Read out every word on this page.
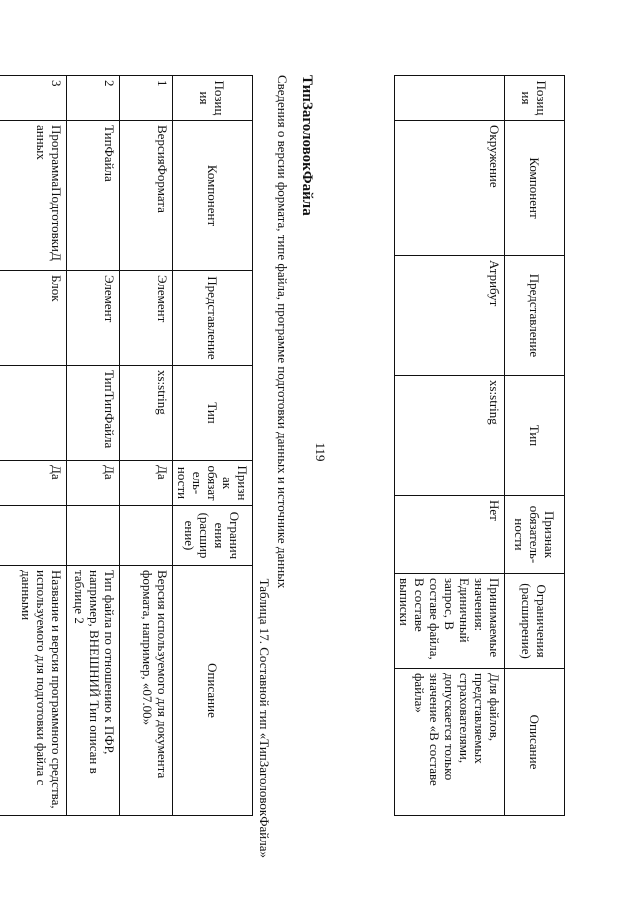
119
Позиция	Компонент	Представление	Тип	Признак обязатель-ности	Ограничения (расширение)	Описание
	Окружение	Атрибут	xs:string	Нет	Принимаемые значения: Единичный запрос, В составе файла, В составе выписки	Для файлов, представляемых страхователями, допускается только значение «В составе файла»
ТипЗаголовокФайла
Сведения о версии формата, типе файла, программе подготовки данных и источнике данных
Таблица 17. Составной тип «ТипЗаголовокФайла»
Позиция	Компонент	Представление	Тип	Признак обязатель-ности	Ограничения (расширение)	Описание
1	ВерсияФормата	Элемент	xs:string	Да		Версия используемого для документа формата, например, «07.00»
2	ТипФайла	Элемент	ТипТипФайла	Да		Тип файла по отношению к ПФР, например, ВНЕШНИЙ Тип описан в таблице 2
3	ПрограммаПодготовкиДанных	Блок		Да		Название и версия программного средства, используемого для подготовки файла с данными
